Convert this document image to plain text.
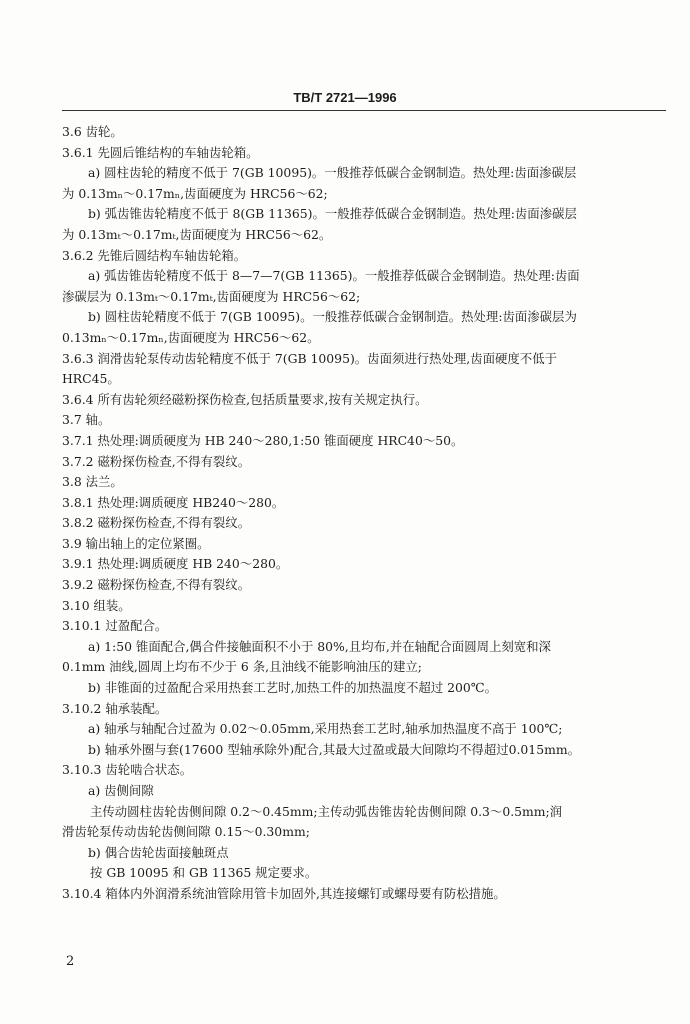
TB/T 2721—1996
3.6 齿轮。
3.6.1 先圆后锥结构的车轴齿轮箱。
a) 圆柱齿轮的精度不低于 7(GB 10095)。一般推荐低碳合金钢制造。热处理:齿面渗碳层
为 0.13mₙ～0.17mₙ,齿面硬度为 HRC56～62;
b) 弧齿锥齿轮精度不低于 8(GB 11365)。一般推荐低碳合金钢制造。热处理:齿面渗碳层
为 0.13mₜ～0.17mₜ,齿面硬度为 HRC56～62。
3.6.2 先锥后圆结构车轴齿轮箱。
a) 弧齿锥齿轮精度不低于 8—7—7(GB 11365)。一般推荐低碳合金钢制造。热处理:齿面
渗碳层为 0.13mₜ～0.17mₜ,齿面硬度为 HRC56～62;
b) 圆柱齿轮精度不低于 7(GB 10095)。一般推荐低碳合金钢制造。热处理:齿面渗碳层为
0.13mₙ～0.17mₙ,齿面硬度为 HRC56～62。
3.6.3 润滑齿轮泵传动齿轮精度不低于 7(GB 10095)。齿面须进行热处理,齿面硬度不低于
HRC45。
3.6.4 所有齿轮须经磁粉探伤检查,包括质量要求,按有关规定执行。
3.7 轴。
3.7.1 热处理:调质硬度为 HB 240～280,1:50 锥面硬度 HRC40～50。
3.7.2 磁粉探伤检查,不得有裂纹。
3.8 法兰。
3.8.1 热处理:调质硬度 HB240～280。
3.8.2 磁粉探伤检查,不得有裂纹。
3.9 输出轴上的定位紧圈。
3.9.1 热处理:调质硬度 HB 240～280。
3.9.2 磁粉探伤检查,不得有裂纹。
3.10 组装。
3.10.1 过盈配合。
a) 1:50 锥面配合,偶合件接触面积不小于 80%,且均布,并在轴配合面圆周上刻宽和深
0.1mm 油线,圆周上均布不少于 6 条,且油线不能影响油压的建立;
b) 非锥面的过盈配合采用热套工艺时,加热工件的加热温度不超过 200℃。
3.10.2 轴承装配。
a) 轴承与轴配合过盈为 0.02～0.05mm,采用热套工艺时,轴承加热温度不高于 100℃;
b) 轴承外圈与套(17600 型轴承除外)配合,其最大过盈或最大间隙均不得超过0.015mm。
3.10.3 齿轮啮合状态。
a) 齿侧间隙
主传动圆柱齿轮齿侧间隙 0.2～0.45mm;主传动弧齿锥齿轮齿侧间隙 0.3～0.5mm;润
滑齿轮泵传动齿轮齿侧间隙 0.15～0.30mm;
b) 偶合齿轮齿面接触斑点
按 GB 10095 和 GB 11365 规定要求。
3.10.4 箱体内外润滑系统油管除用管卡加固外,其连接螺钉或螺母要有防松措施。
2
